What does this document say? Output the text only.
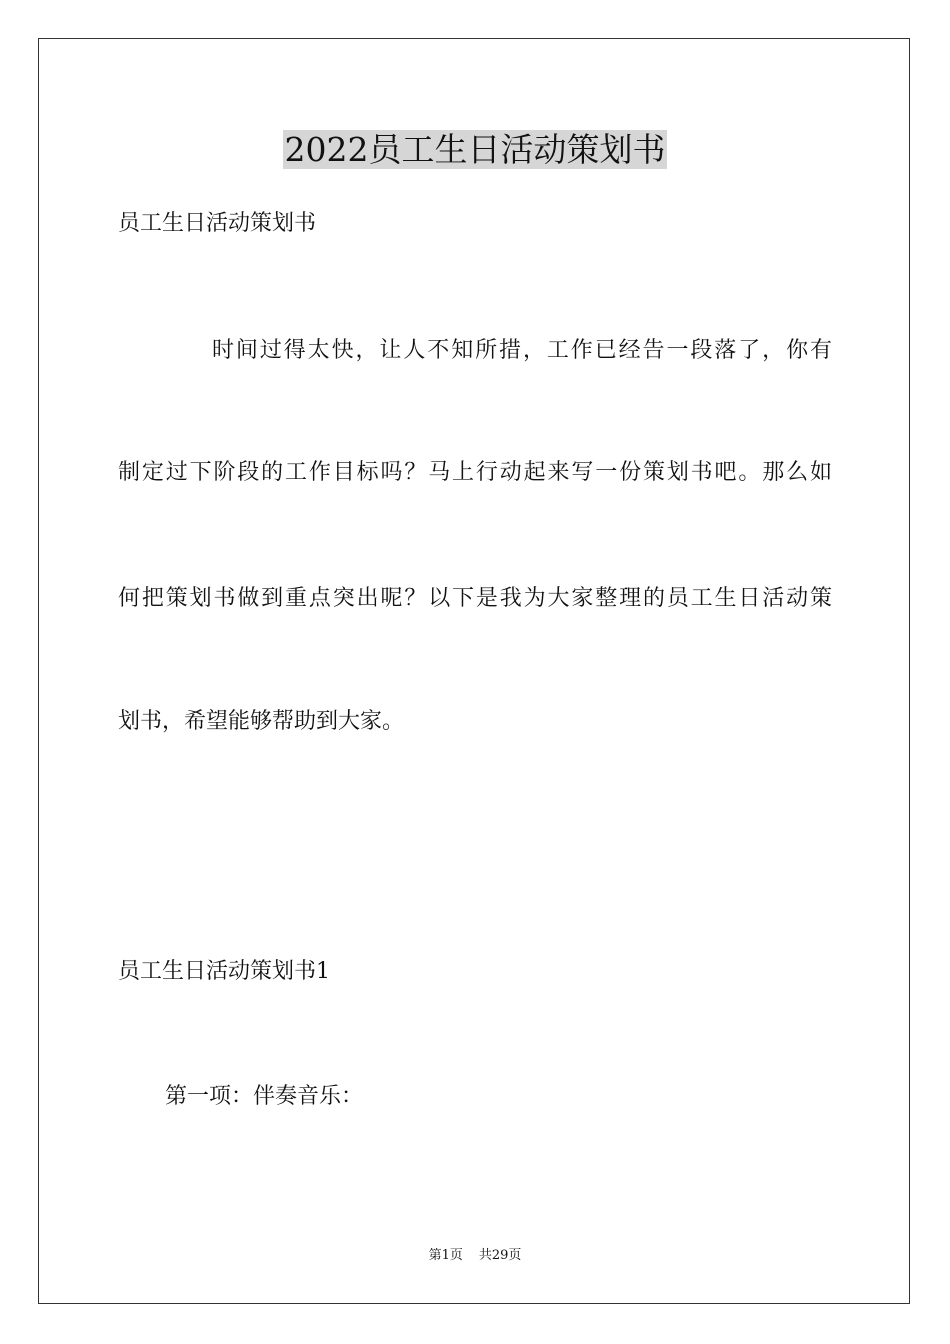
2022员工生日活动策划书

员工生日活动策划书

时间过得太快，让人不知所措，工作已经告一段落了，你有

制定过下阶段的工作目标吗？马上行动起来写一份策划书吧。那么如

何把策划书做到重点突出呢？以下是我为大家整理的员工生日活动策

划书，希望能够帮助到大家。

员工生日活动策划书1

第一项：伴奏音乐：

第1页 共29页
